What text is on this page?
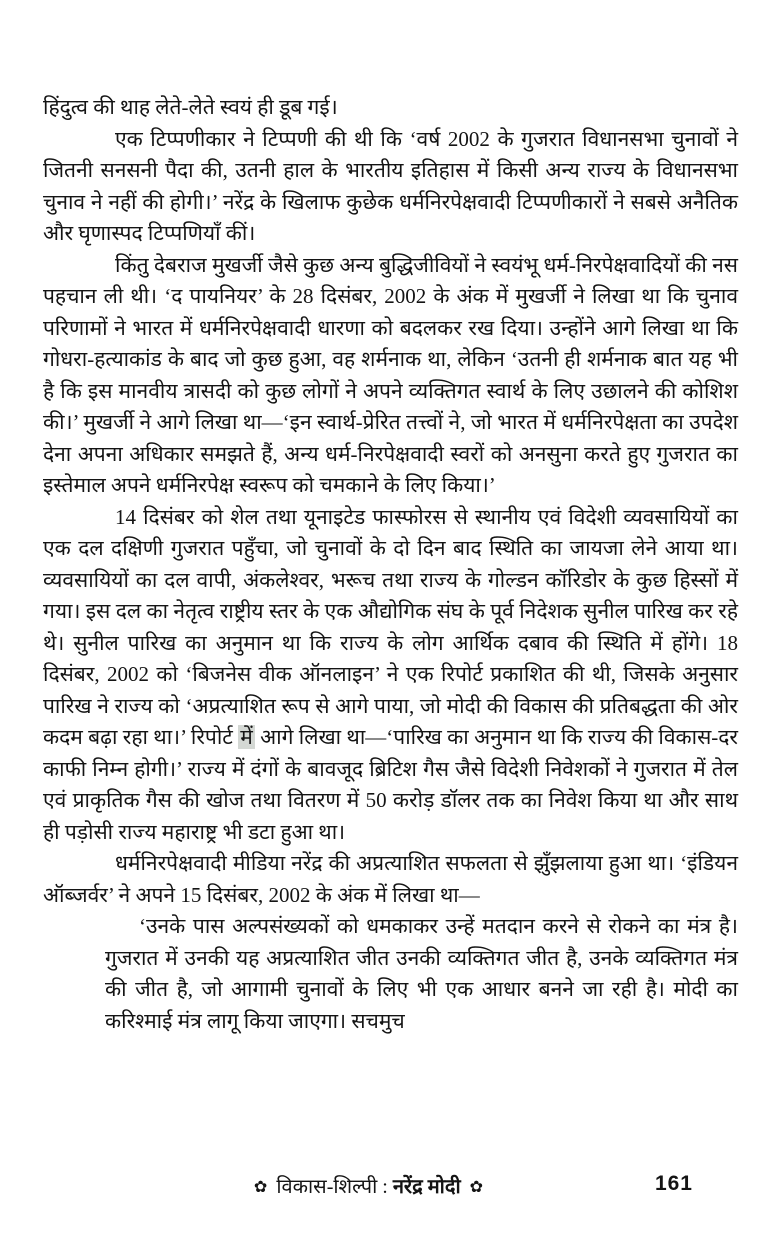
हिंदुत्व की थाह लेते-लेते स्वयं ही डूब गई।

एक टिप्पणीकार ने टिप्पणी की थी कि ‘वर्ष 2002 के गुजरात विधानसभा चुनावों ने जितनी सनसनी पैदा की, उतनी हाल के भारतीय इतिहास में किसी अन्य राज्य के विधानसभा चुनाव ने नहीं की होगी।’ नरेंद्र के खिलाफ कुछेक धर्मनिरपेक्षवादी टिप्पणीकारों ने सबसे अनैतिक और घृणास्पद टिप्पणियाँ कीं।

किंतु देबराज मुखर्जी जैसे कुछ अन्य बुद्धिजीवियों ने स्वयंभू धर्म-निरपेक्षवादियों की नस पहचान ली थी। ‘द पायनियर’ के 28 दिसंबर, 2002 के अंक में मुखर्जी ने लिखा था कि चुनाव परिणामों ने भारत में धर्मनिरपेक्षवादी धारणा को बदलकर रख दिया। उन्होंने आगे लिखा था कि गोधरा-हत्याकांड के बाद जो कुछ हुआ, वह शर्मनाक था, लेकिन ‘उतनी ही शर्मनाक बात यह भी है कि इस मानवीय त्रासदी को कुछ लोगों ने अपने व्यक्तिगत स्वार्थ के लिए उछालने की कोशिश की।’ मुखर्जी ने आगे लिखा था—‘इन स्वार्थ-प्रेरित तत्त्वों ने, जो भारत में धर्मनिरपेक्षता का उपदेश देना अपना अधिकार समझते हैं, अन्य धर्म-निरपेक्षवादी स्वरों को अनसुना करते हुए गुजरात का इस्तेमाल अपने धर्मनिरपेक्ष स्वरूप को चमकाने के लिए किया।’

14 दिसंबर को शेल तथा यूनाइटेड फास्फोरस से स्थानीय एवं विदेशी व्यवसायियों का एक दल दक्षिणी गुजरात पहुँचा, जो चुनावों के दो दिन बाद स्थिति का जायजा लेने आया था। व्यवसायियों का दल वापी, अंकलेश्वर, भरूच तथा राज्य के गोल्डन कॉरिडोर के कुछ हिस्सों में गया। इस दल का नेतृत्व राष्ट्रीय स्तर के एक औद्योगिक संघ के पूर्व निदेशक सुनील पारिख कर रहे थे। सुनील पारिख का अनुमान था कि राज्य के लोग आर्थिक दबाव की स्थिति में होंगे। 18 दिसंबर, 2002 को ‘बिजनेस वीक ऑनलाइन’ ने एक रिपोर्ट प्रकाशित की थी, जिसके अनुसार पारिख ने राज्य को ‘अप्रत्याशित रूप से आगे पाया, जो मोदी की विकास की प्रतिबद्धता की ओर कदम बढ़ा रहा था।’ रिपोर्ट में आगे लिखा था—‘पारिख का अनुमान था कि राज्य की विकास-दर काफी निम्न होगी।’ राज्य में दंगों के बावजूद ब्रिटिश गैस जैसे विदेशी निवेशकों ने गुजरात में तेल एवं प्राकृतिक गैस की खोज तथा वितरण में 50 करोड़ डॉलर तक का निवेश किया था और साथ ही पड़ोसी राज्य महाराष्ट्र भी डटा हुआ था।

धर्मनिरपेक्षवादी मीडिया नरेंद्र की अप्रत्याशित सफलता से झुँझलाया हुआ था। ‘इंडियन ऑब्जर्वर’ ने अपने 15 दिसंबर, 2002 के अंक में लिखा था—

‘उनके पास अल्पसंख्यकों को धमकाकर उन्हें मतदान करने से रोकने का मंत्र है। गुजरात में उनकी यह अप्रत्याशित जीत उनकी व्यक्तिगत जीत है, उनके व्यक्तिगत मंत्र की जीत है, जो आगामी चुनावों के लिए भी एक आधार बनने जा रही है। मोदी का करिश्माई मंत्र लागू किया जाएगा। सचमुच
✿ विकास-शिल्पी : नरेंद्र मोदी ✿	161
